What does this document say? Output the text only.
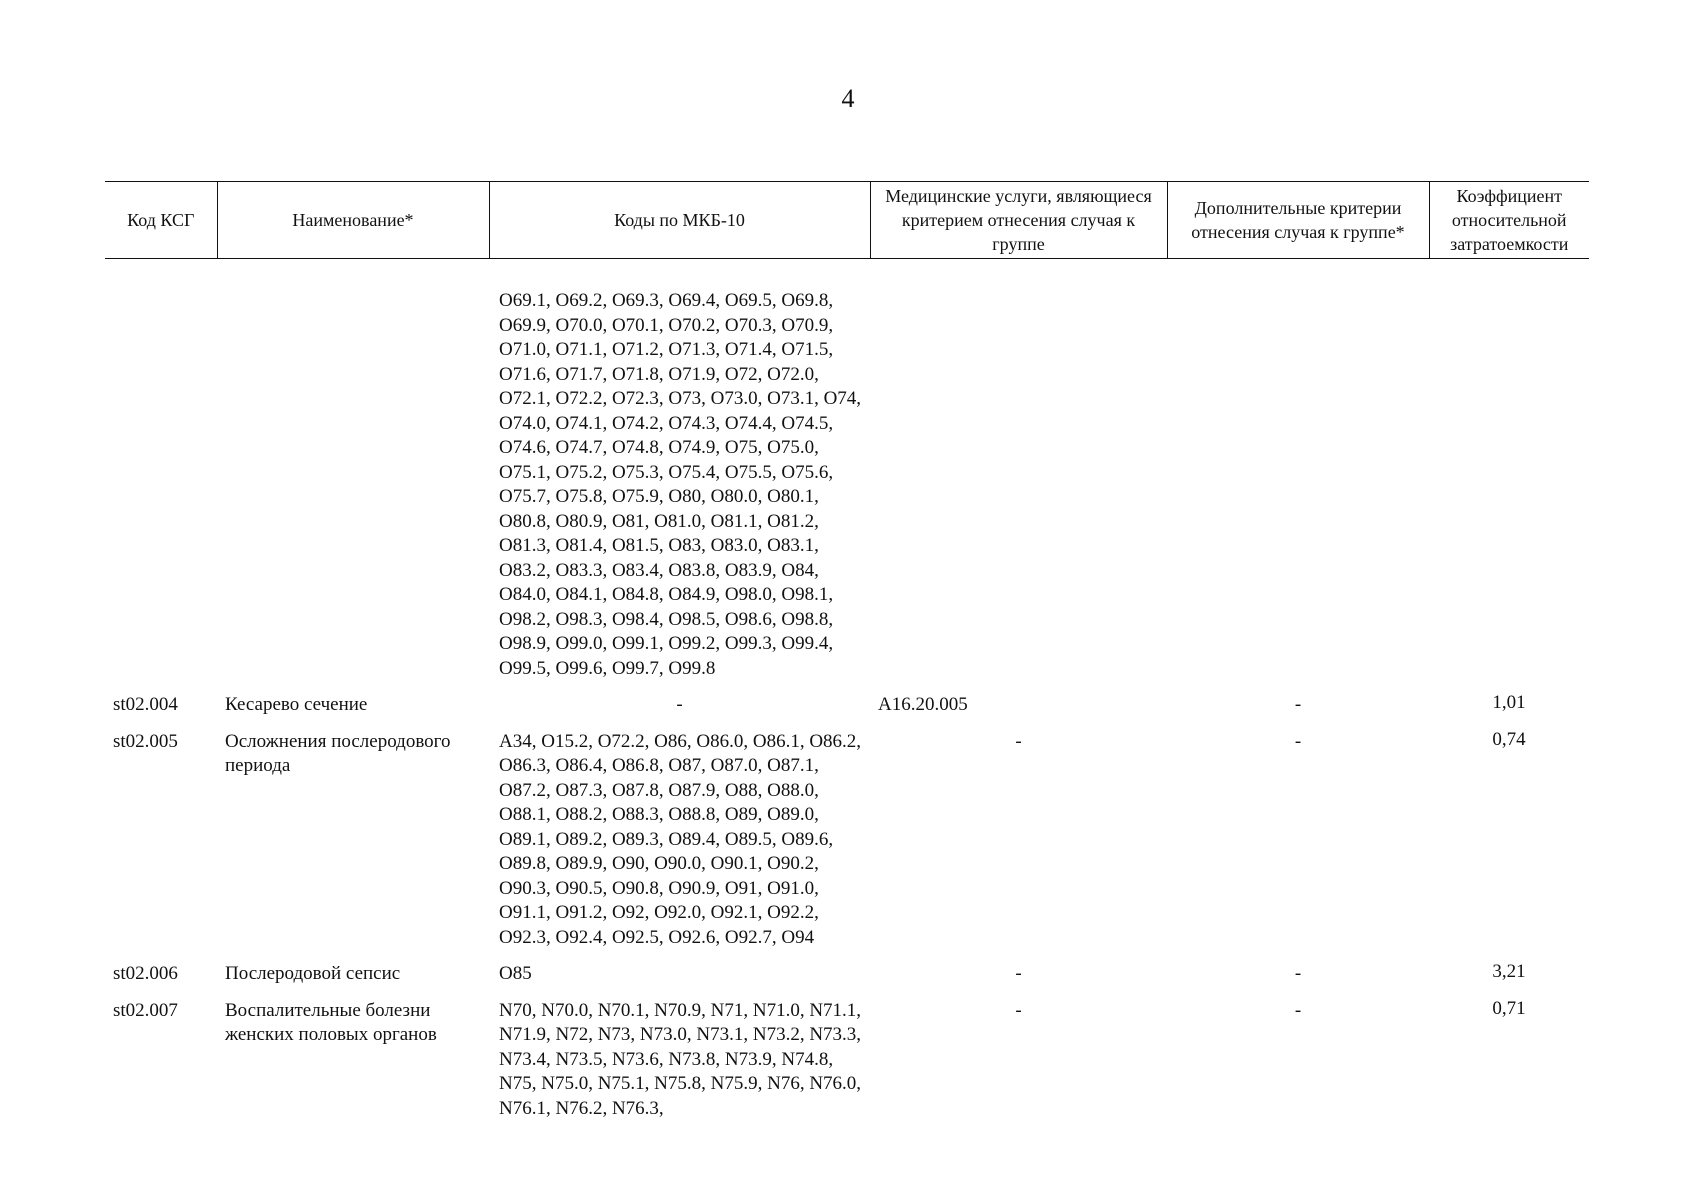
4
Код КСГ	Наименование*	Коды по МКБ-10	Медицинские услуги, являющиеся критерием отнесения случая к группе	Дополнительные критерии отнесения случая к группе*	Коэффициент относительной затратоемкости
		O69.1, O69.2, O69.3, O69.4, O69.5, O69.8, O69.9, O70.0, O70.1, O70.2, O70.3, O70.9, O71.0, O71.1, O71.2, O71.3, O71.4, O71.5, O71.6, O71.7, O71.8, O71.9, O72, O72.0, O72.1, O72.2, O72.3, O73, O73.0, O73.1, O74, O74.0, O74.1, O74.2, O74.3, O74.4, O74.5, O74.6, O74.7, O74.8, O74.9, O75, O75.0, O75.1, O75.2, O75.3, O75.4, O75.5, O75.6, O75.7, O75.8, O75.9, O80, O80.0, O80.1, O80.8, O80.9, O81, O81.0, O81.1, O81.2, O81.3, O81.4, O81.5, O83, O83.0, O83.1, O83.2, O83.3, O83.4, O83.8, O83.9, O84, O84.0, O84.1, O84.8, O84.9, O98.0, O98.1, O98.2, O98.3, O98.4, O98.5, O98.6, O98.8, O98.9, O99.0, O99.1, O99.2, O99.3, O99.4, O99.5, O99.6, O99.7, O99.8			
st02.004	Кесарево сечение	-	A16.20.005	-	1,01
st02.005	Осложнения послеродового периода	A34, O15.2, O72.2, O86, O86.0, O86.1, O86.2, O86.3, O86.4, O86.8, O87, O87.0, O87.1, O87.2, O87.3, O87.8, O87.9, O88, O88.0, O88.1, O88.2, O88.3, O88.8, O89, O89.0, O89.1, O89.2, O89.3, O89.4, O89.5, O89.6, O89.8, O89.9, O90, O90.0, O90.1, O90.2, O90.3, O90.5, O90.8, O90.9, O91, O91.0, O91.1, O91.2, O92, O92.0, O92.1, O92.2, O92.3, O92.4, O92.5, O92.6, O92.7, O94	-	-	0,74
st02.006	Послеродовой сепсис	O85	-	-	3,21
st02.007	Воспалительные болезни женских половых органов	N70, N70.0, N70.1, N70.9, N71, N71.0, N71.1, N71.9, N72, N73, N73.0, N73.1, N73.2, N73.3, N73.4, N73.5, N73.6, N73.8, N73.9, N74.8, N75, N75.0, N75.1, N75.8, N75.9, N76, N76.0, N76.1, N76.2, N76.3,	-	-	0,71
